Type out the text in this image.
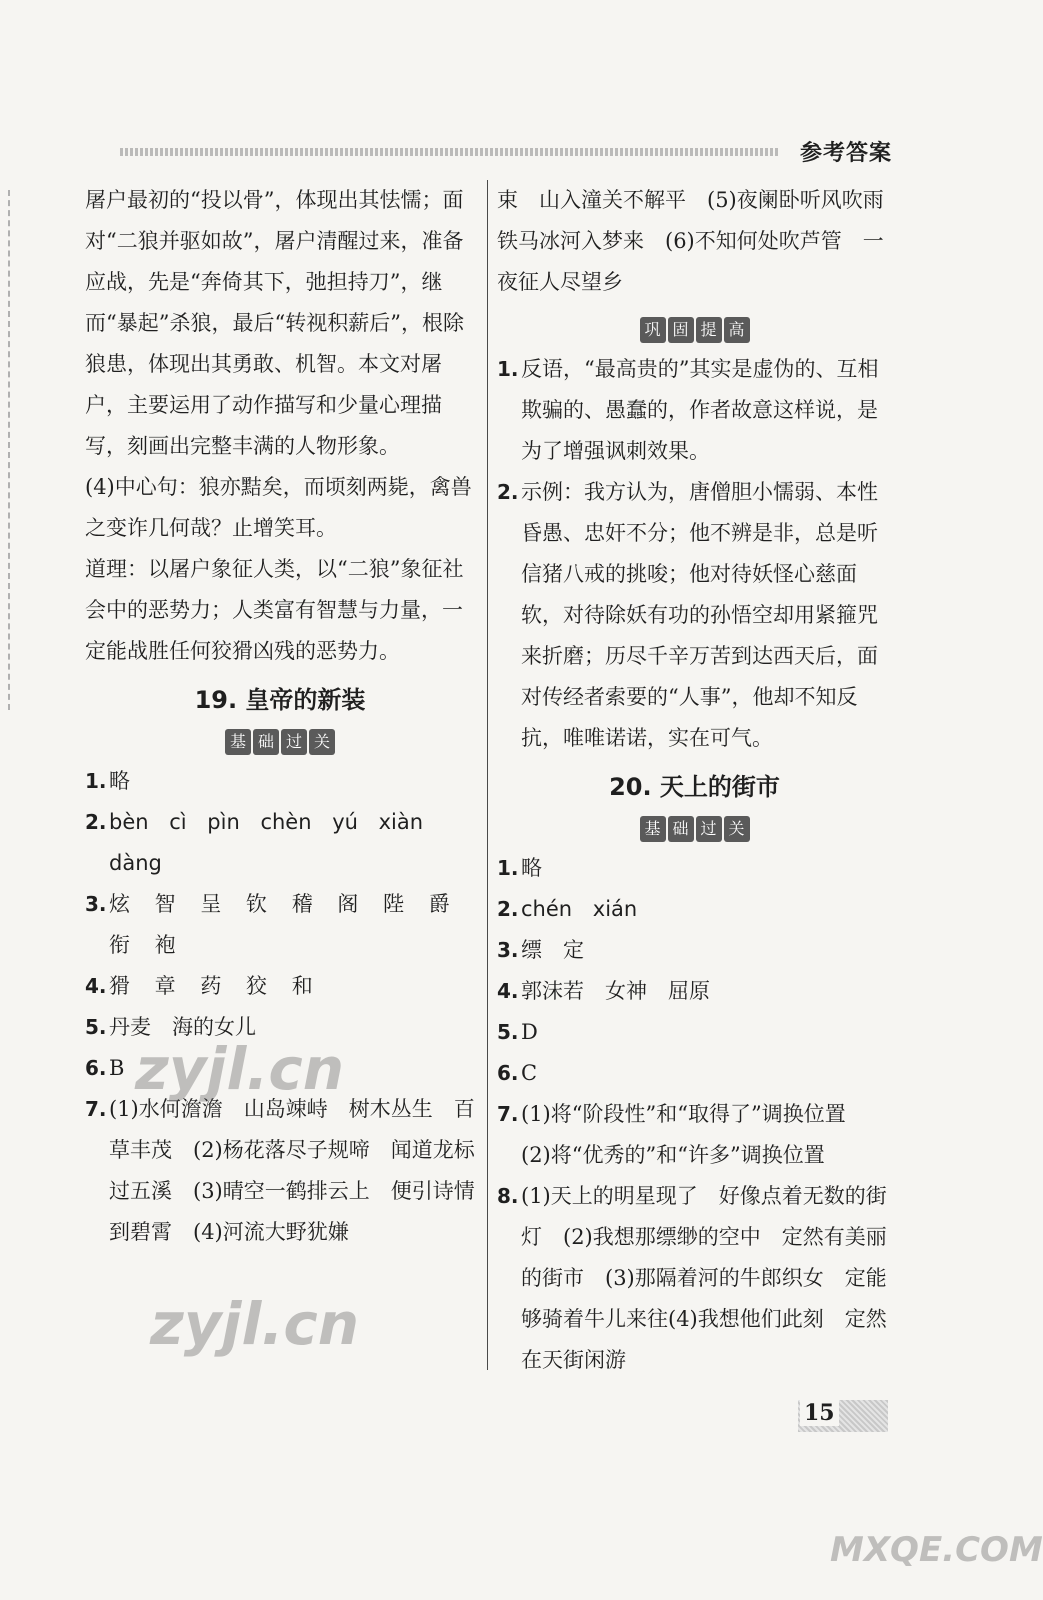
参考答案

屠户最初的“投以骨”，体现出其怯懦；面对“二狼并驱如故”，屠户清醒过来，准备应战，先是“奔倚其下，弛担持刀”，继而“暴起”杀狼，最后“转视积薪后”，根除狼患，体现出其勇敢、机智。本文对屠户，主要运用了动作描写和少量心理描写，刻画出完整丰满的人物形象。

(4)中心句：狼亦黠矣，而顷刻两毙，禽兽之变诈几何哉？止增笑耳。

道理：以屠户象征人类，以“二狼”象征社会中的恶势力；人类富有智慧与力量，一定能战胜任何狡猾凶残的恶势力。

19. 皇帝的新装
基 础 过 关
1. 略
2. bèn cì pìn chèn yú xiàn dàng
3. 炫 智 呈 钦 稽 阁 陛 爵 衔 袍
4. 猾 章 药 狡 和
5. 丹麦　海的女儿
6. B
7. (1)水何澹澹　山岛竦峙　树木丛生　百草丰茂　(2)杨花落尽子规啼　闻道龙标过五溪　(3)晴空一鹤排云上　便引诗情到碧霄　(4)河流大野犹嫌

束　山入潼关不解平　(5)夜阑卧听风吹雨　铁马冰河入梦来　(6)不知何处吹芦管　一夜征人尽望乡

巩 固 提 高
1. 反语，“最高贵的”其实是虚伪的、互相欺骗的、愚蠢的，作者故意这样说，是为了增强讽刺效果。
2. 示例：我方认为，唐僧胆小懦弱、本性昏愚、忠奸不分；他不辨是非，总是听信猪八戒的挑唆；他对待妖怪心慈面软，对待除妖有功的孙悟空却用紧箍咒来折磨；历尽千辛万苦到达西天后，面对传经者索要的“人事”，他却不知反抗，唯唯诺诺，实在可气。
20. 天上的街市
基 础 过 关
1. 略
2. chén xián
3. 缥　定
4. 郭沫若　女神　屈原
5. D
6. C
7. (1)将“阶段性”和“取得了”调换位置
(2)将“优秀的”和“许多”调换位置
8. (1)天上的明星现了　好像点着无数的街灯　(2)我想那缥缈的空中　定然有美丽的街市　(3)那隔着河的牛郎织女　定能够骑着牛儿来往(4)我想他们此刻　定然在天街闲游
15
zyjl.cn
zyjl.cn
MXQE.COM
